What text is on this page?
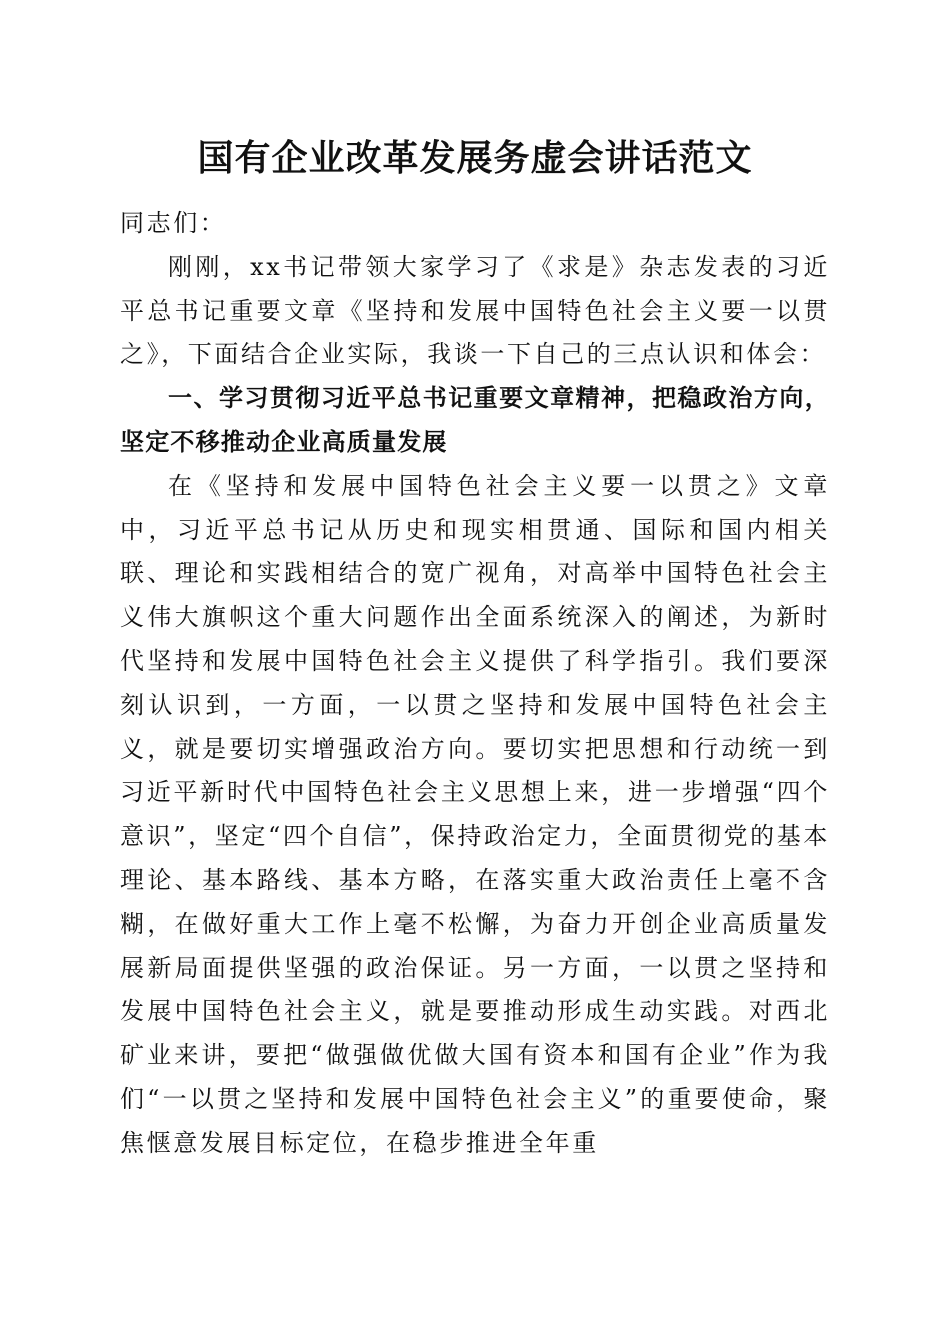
国有企业改革发展务虚会讲话范文

同志们：

刚刚，xx书记带领大家学习了《求是》杂志发表的习近平总书记重要文章《坚持和发展中国特色社会主义要一以贯之》，下面结合企业实际，我谈一下自己的三点认识和体会：

一、学习贯彻习近平总书记重要文章精神，把稳政治方向，坚定不移推动企业高质量发展

在《坚持和发展中国特色社会主义要一以贯之》文章中，习近平总书记从历史和现实相贯通、国际和国内相关联、理论和实践相结合的宽广视角，对高举中国特色社会主义伟大旗帜这个重大问题作出全面系统深入的阐述，为新时代坚持和发展中国特色社会主义提供了科学指引。我们要深刻认识到，一方面，一以贯之坚持和发展中国特色社会主义，就是要切实增强政治方向。要切实把思想和行动统一到习近平新时代中国特色社会主义思想上来，进一步增强“四个意识”，坚定“四个自信”，保持政治定力，全面贯彻党的基本理论、基本路线、基本方略，在落实重大政治责任上毫不含糊，在做好重大工作上毫不松懈，为奋力开创企业高质量发展新局面提供坚强的政治保证。另一方面，一以贯之坚持和发展中国特色社会主义，就是要推动形成生动实践。对西北矿业来讲，要把“做强做优做大国有资本和国有企业”作为我们“一以贯之坚持和发展中国特色社会主义”的重要使命，聚焦惬意发展目标定位，在稳步推进全年重
